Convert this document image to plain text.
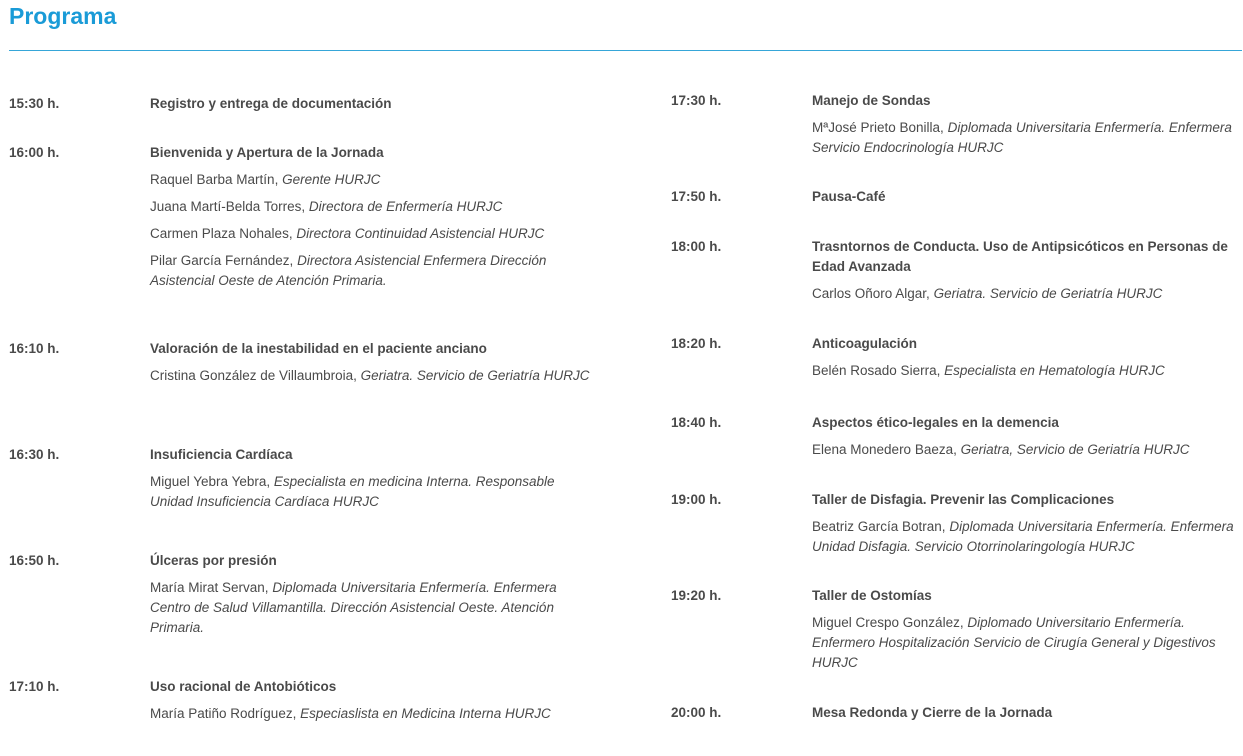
Programa
15:30 h.	Registro y entrega de documentación
16:00 h.	Bienvenida y Apertura de la Jornada
Raquel Barba Martín, Gerente HURJC
Juana Martí-Belda Torres, Directora de Enfermería HURJC
Carmen Plaza Nohales, Directora Continuidad Asistencial HURJC
Pilar García Fernández, Directora Asistencial Enfermera Dirección Asistencial Oeste de Atención Primaria.
16:10 h.	Valoración de la inestabilidad en el paciente anciano
Cristina González de Villaumbroia, Geriatra. Servicio de Geriatría HURJC
16:30 h.	Insuficiencia Cardíaca
Miguel Yebra Yebra, Especialista en medicina Interna. Responsable Unidad Insuficiencia Cardíaca HURJC
16:50 h.	Úlceras por presión
María Mirat Servan, Diplomada Universitaria Enfermería. Enfermera Centro de Salud Villamantilla. Dirección Asistencial Oeste. Atención Primaria.
17:10 h.	Uso racional de Antobióticos
María Patiño Rodríguez, Especiaslista en Medicina Interna HURJC
17:30 h.	Manejo de Sondas
MªJosé Prieto Bonilla, Diplomada Universitaria Enfermería. Enfermera Servicio Endocrinología HURJC
17:50 h.	Pausa-Café
18:00 h.	Trasntornos de Conducta. Uso de Antipsicóticos en Personas de Edad Avanzada
Carlos Oñoro Algar, Geriatra. Servicio de Geriatría HURJC
18:20 h.	Anticoagulación
Belén Rosado Sierra, Especialista en Hematología HURJC
18:40 h.	Aspectos ético-legales en la demencia
Elena Monedero Baeza, Geriatra, Servicio de Geriatría HURJC
19:00 h.	Taller de Disfagia. Prevenir las Complicaciones
Beatriz García Botran, Diplomada Universitaria Enfermería. Enfermera Unidad Disfagia. Servicio Otorrinolaringología HURJC
19:20 h.	Taller de Ostomías
Miguel Crespo González, Diplomado Universitario Enfermería. Enfermero Hospitalización Servicio de Cirugía General y Digestivos HURJC
20:00 h.	Mesa Redonda y Cierre de la Jornada
